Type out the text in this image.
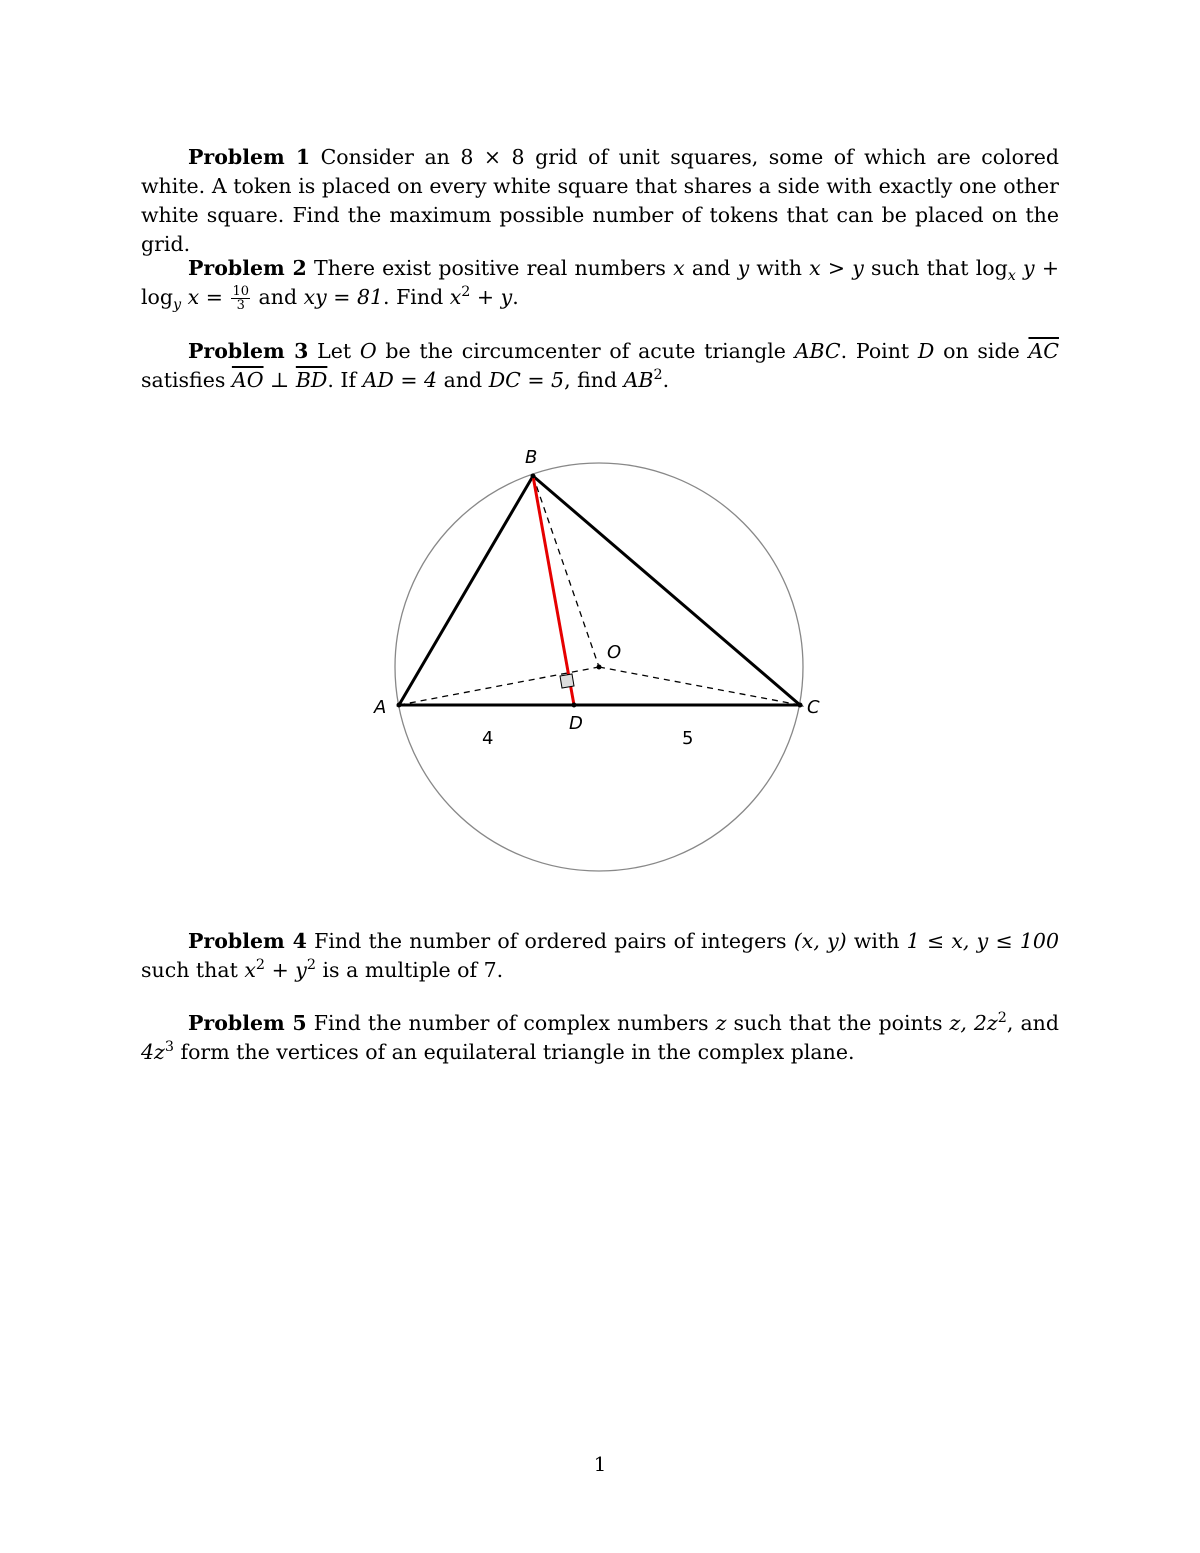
Problem 1 Consider an 8 × 8 grid of unit squares, some of which are colored white. A token is placed on every white square that shares a side with exactly one other white square. Find the maximum possible number of tokens that can be placed on the grid.

Problem 2 There exist positive real numbers x and y with x > y such that $\log_x y + \log_y x = \frac{10}{3}$ and xy = 81. Find $x^2 + y$.

Problem 3 Let O be the circumcenter of acute triangle ABC. Point D on side $\overline{AC}$ satisfies $\overline{AO}$ ⊥ $\overline{BD}$. If AD = 4 and DC = 5, find $AB^2$.

A
B
C
D
O
4	5

Problem 4 Find the number of ordered pairs of integers (x, y) with 1 ≤ x, y ≤ 100 such that $x^2 + y^2$ is a multiple of 7.

Problem 5 Find the number of complex numbers z such that the points z, $2z^2$, and $4z^3$ form the vertices of an equilateral triangle in the complex plane.

1
